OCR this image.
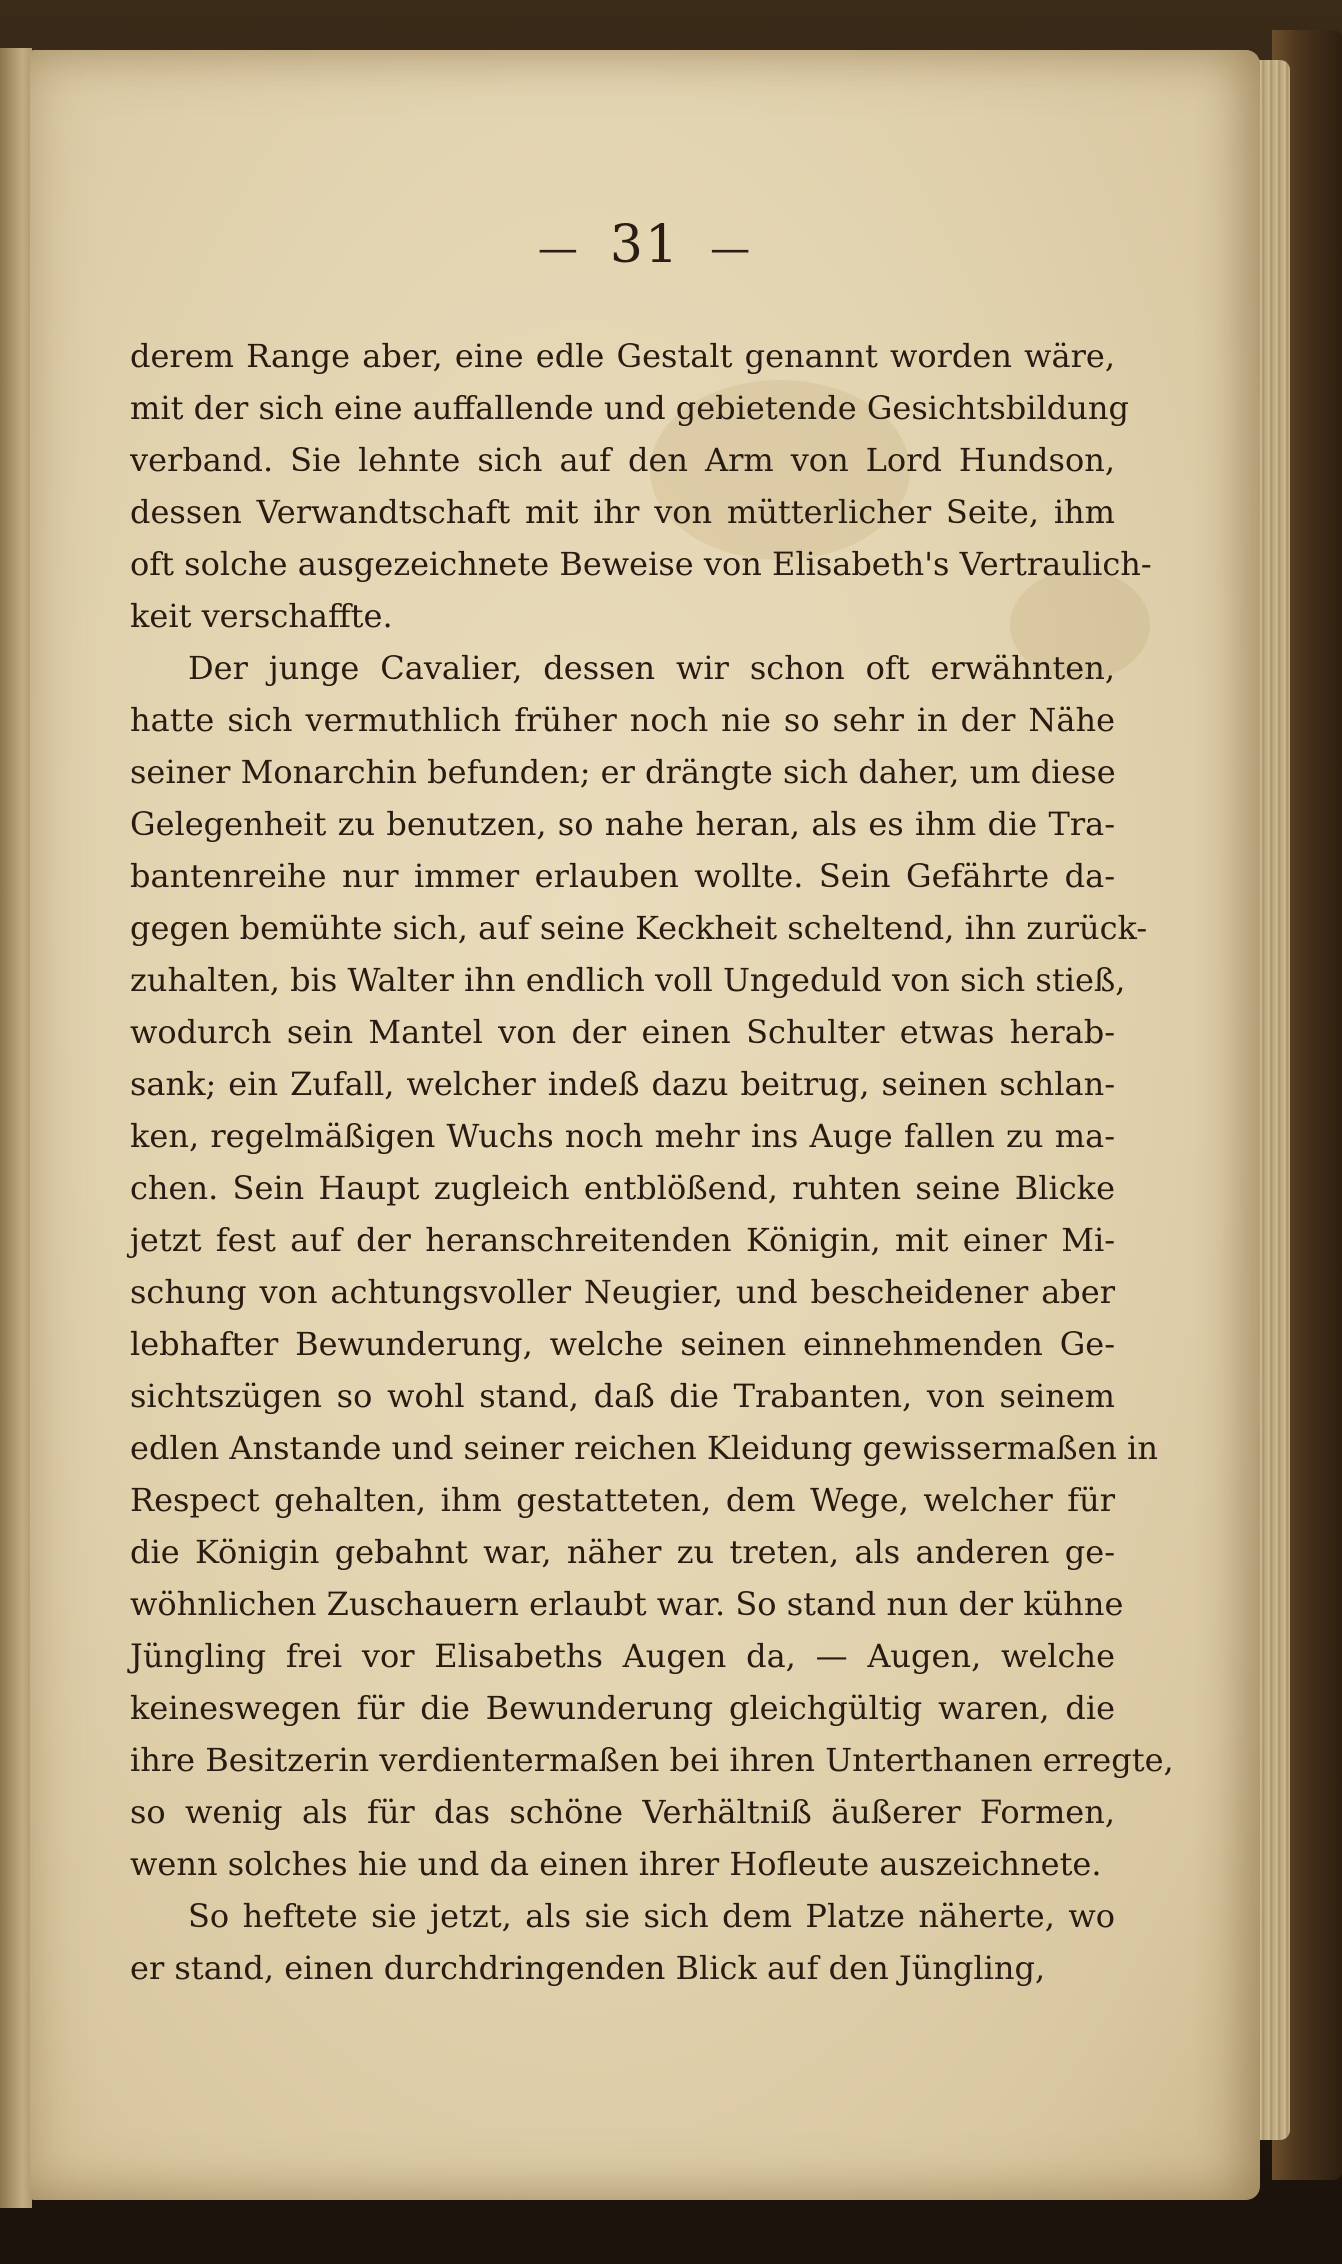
— 31 —
derem Range aber, eine edle Gestalt genannt worden wäre,
mit der sich eine auffallende und gebietende Gesichtsbildung
verband. Sie lehnte sich auf den Arm von Lord Hundson,
dessen Verwandtschaft mit ihr von mütterlicher Seite, ihm
oft solche ausgezeichnete Beweise von Elisabeth's Vertraulich-
keit verschaffte.
Der junge Cavalier, dessen wir schon oft erwähnten,
hatte sich vermuthlich früher noch nie so sehr in der Nähe
seiner Monarchin befunden; er drängte sich daher, um diese
Gelegenheit zu benutzen, so nahe heran, als es ihm die Tra-
bantenreihe nur immer erlauben wollte. Sein Gefährte da-
gegen bemühte sich, auf seine Keckheit scheltend, ihn zurück-
zuhalten, bis Walter ihn endlich voll Ungeduld von sich stieß,
wodurch sein Mantel von der einen Schulter etwas herab-
sank; ein Zufall, welcher indeß dazu beitrug, seinen schlan-
ken, regelmäßigen Wuchs noch mehr ins Auge fallen zu ma-
chen. Sein Haupt zugleich entblößend, ruhten seine Blicke
jetzt fest auf der heranschreitenden Königin, mit einer Mi-
schung von achtungsvoller Neugier, und bescheidener aber
lebhafter Bewunderung, welche seinen einnehmenden Ge-
sichtszügen so wohl stand, daß die Trabanten, von seinem
edlen Anstande und seiner reichen Kleidung gewissermaßen in
Respect gehalten, ihm gestatteten, dem Wege, welcher für
die Königin gebahnt war, näher zu treten, als anderen ge-
wöhnlichen Zuschauern erlaubt war. So stand nun der kühne
Jüngling frei vor Elisabeths Augen da, — Augen, welche
keineswegen für die Bewunderung gleichgültig waren, die
ihre Besitzerin verdientermaßen bei ihren Unterthanen erregte,
so wenig als für das schöne Verhältniß äußerer Formen,
wenn solches hie und da einen ihrer Hofleute auszeichnete.
So heftete sie jetzt, als sie sich dem Platze näherte, wo
er stand, einen durchdringenden Blick auf den Jüngling,
